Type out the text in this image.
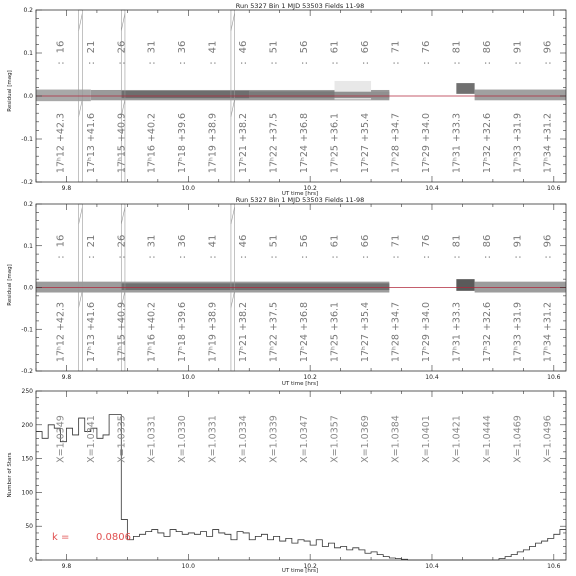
Run 5327 Bin 1 MJD 53503 Fields 11-98
Residual [mag]
UT time [hrs]
16
:
21
:
26
:
31
:
36
:
41
:
46
:
51
:
56
:
61
:
66
:
71
:
76
:
81
:
86
:
91
:
96
:
17ʰ12 +42.3 17ʰ13 +41.6 17ʰ15 +40.9 17ʰ16 +40.2 17ʰ18 +39.6 17ʰ19 +38.9 17ʰ21 +38.2 17ʰ22 +37.5 17ʰ24 +36.8 17ʰ25 +36.1 17ʰ27 +35.4 17ʰ28 +34.7 17ʰ29 +34.0 17ʰ31 +33.3 17ʰ32 +32.6 17ʰ33 +31.9 17ʰ34 +31.2
9.8	10.0	10.2	10.4	10.6
-0.2
-0.1
0.0
0.1
0.2
Run 5327 Bin 1 MJD 53503 Fields 11-98
Residual [mag]
UT time [hrs]
16
:
21
:
26
:
31
:
36
:
41
:
46
:
51
:
56
:
61
:
66
:
71
:
76
:
81
:
86
:
91
:
96
:
17ʰ12 +42.3 17ʰ13 +41.6 17ʰ15 +40.9 17ʰ16 +40.2 17ʰ18 +39.6 17ʰ19 +38.9 17ʰ21 +38.2 17ʰ22 +37.5 17ʰ24 +36.8 17ʰ25 +36.1 17ʰ27 +35.4 17ʰ28 +34.7 17ʰ29 +34.0 17ʰ31 +33.3 17ʰ32 +32.6 17ʰ33 +31.9 17ʰ34 +31.2
9.8	10.0	10.2	10.4	10.6
-0.2
-0.1
0.0
0.1
0.2
Number of Stars
UT time [hrs]
X=1.0349 X=1.0341 X=1.0335 X=1.0331 X=1.0330 X=1.0331 X=1.0334 X=1.0339 X=1.0347 X=1.0357 X=1.0369 X=1.0384 X=1.0401 X=1.0421 X=1.0444 X=1.0469 X=1.0496
9.8	10.0	10.2	10.4	10.6
0
50
100
150
200
250
k =	0.0806
